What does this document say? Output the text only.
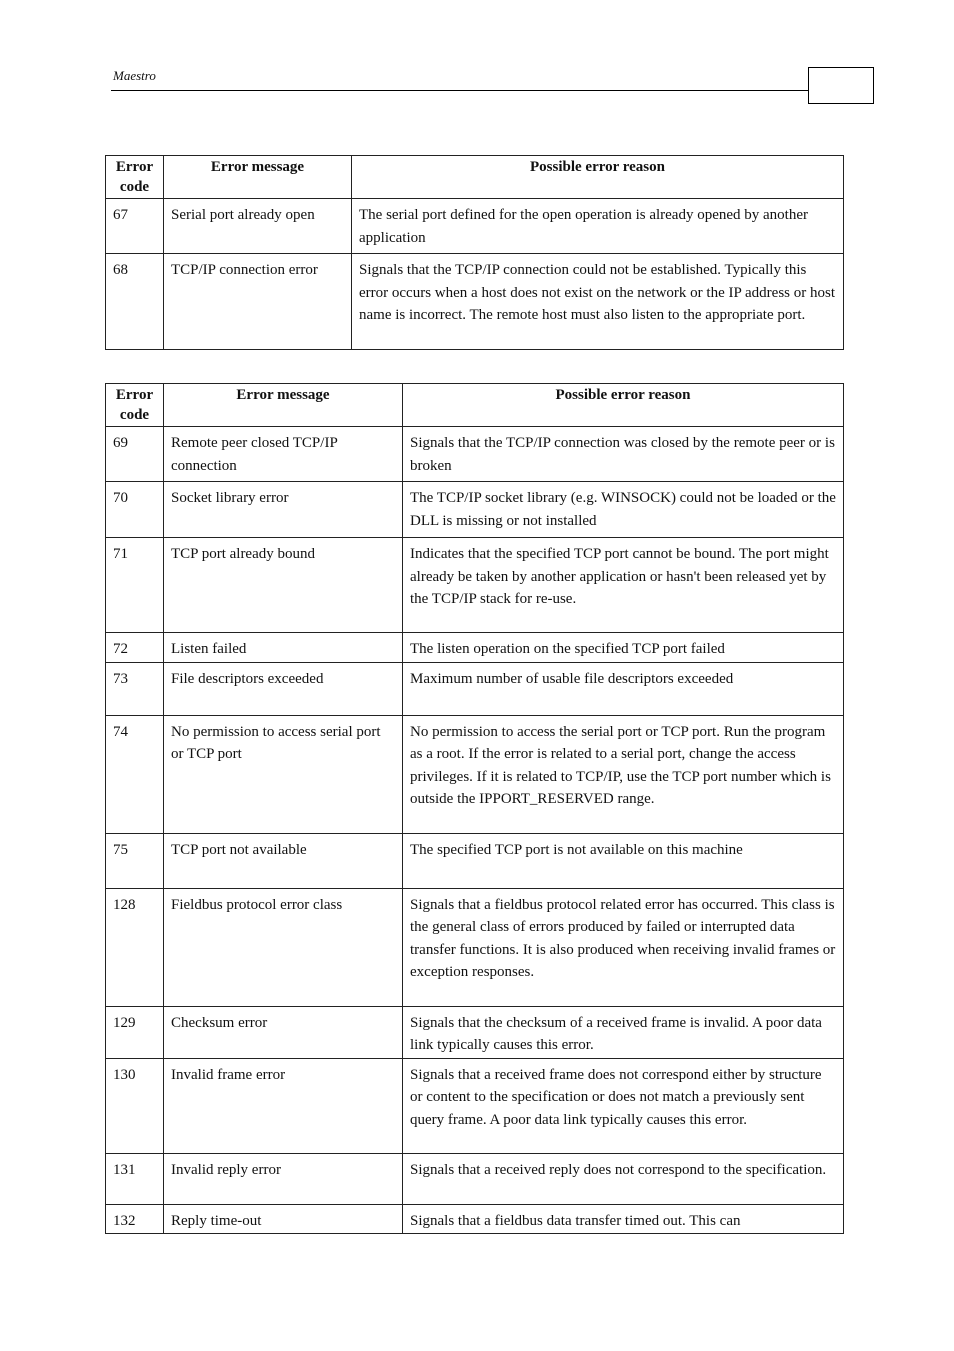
Maestro
Error code	Error message	Possible error reason
67	Serial port already open	The serial port defined for the open operation is already opened by another application
68	TCP/IP connection error	Signals that the TCP/IP connection could not be established. Typically this error occurs when a host does not exist on the network or the IP address or host name is incorrect. The remote host must also listen to the appropriate port.
Error code	Error message	Possible error reason
69	Remote peer closed TCP/IP connection	Signals that the TCP/IP connection was closed by the remote peer or is broken
70	Socket library error	The TCP/IP socket library (e.g. WINSOCK) could not be loaded or the DLL is missing or not installed
71	TCP port already bound	Indicates that the specified TCP port cannot be bound. The port might already be taken by another application or hasn't been released yet by the TCP/IP stack for re-use.
72	Listen failed	The listen operation on the specified TCP port failed
73	File descriptors exceeded	Maximum number of usable file descriptors exceeded
74	No permission to access serial port or TCP port	No permission to access the serial port or TCP port. Run the program as a root. If the error is related to a serial port, change the access privileges. If it is related to TCP/IP, use the TCP port number which is outside the IPPORT_RESERVED range.
75	TCP port not available	The specified TCP port is not available on this machine
128	Fieldbus protocol error class	Signals that a fieldbus protocol related error has occurred. This class is the general class of errors produced by failed or interrupted data transfer functions. It is also produced when receiving invalid frames or exception responses.
129	Checksum error	Signals that the checksum of a received frame is invalid. A poor data link typically causes this error.
130	Invalid frame error	Signals that a received frame does not correspond either by structure or content to the specification or does not match a previously sent query frame. A poor data link typically causes this error.
131	Invalid reply error	Signals that a received reply does not correspond to the specification.
132	Reply time-out	Signals that a fieldbus data transfer timed out. This can
